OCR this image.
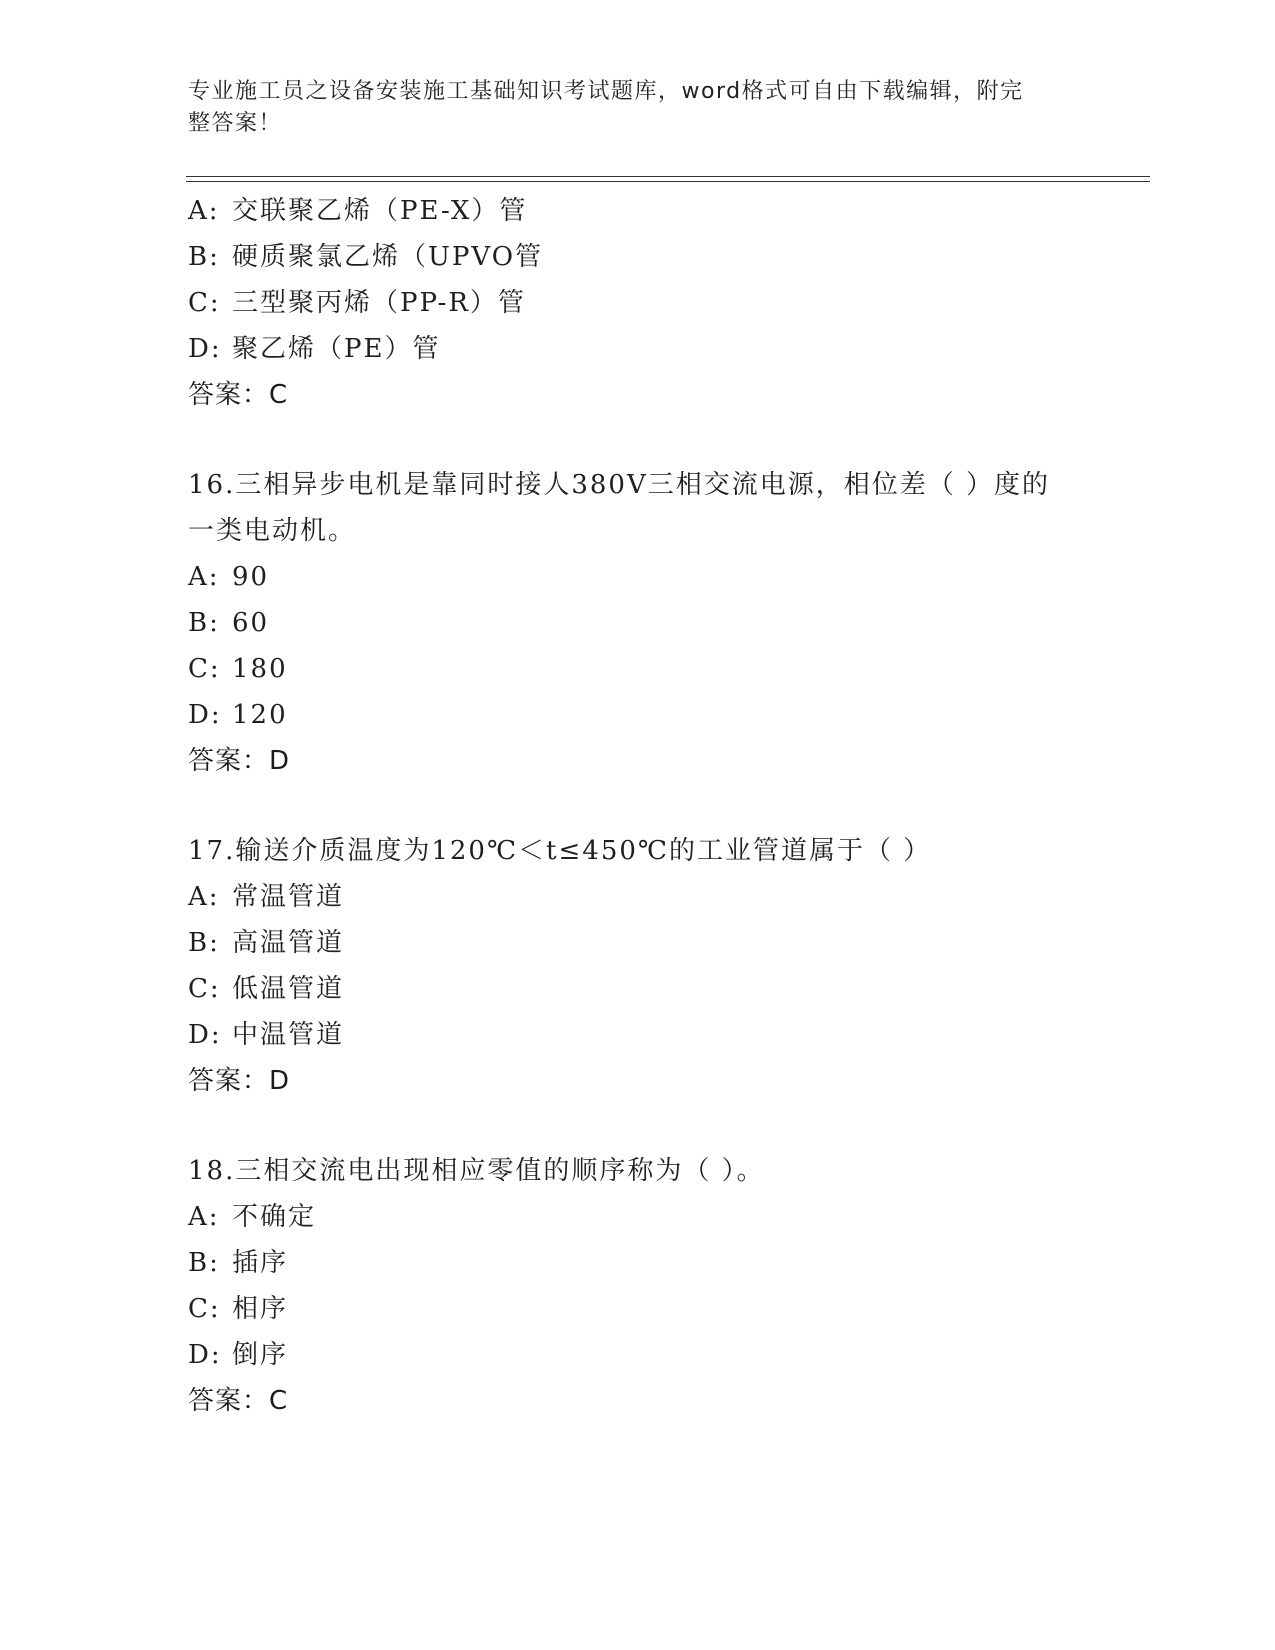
专业施工员之设备安装施工基础知识考试题库，word格式可自由下载编辑，附完
整答案！
A: 交联聚乙烯（PE-X）管
B: 硬质聚氯乙烯（UPVO管
C: 三型聚丙烯（PP-R）管
D: 聚乙烯（PE）管
答案：C
16.三相异步电机是靠同时接人380V三相交流电源，相位差（ ）度的
一类电动机。
A: 90
B: 60
C: 180
D: 120
答案：D
17.输送介质温度为120℃＜t≤450℃的工业管道属于（ ）
A: 常温管道
B: 高温管道
C: 低温管道
D: 中温管道
答案：D
18.三相交流电出现相应零值的顺序称为（ ）。
A: 不确定
B: 插序
C: 相序
D: 倒序
答案：C
